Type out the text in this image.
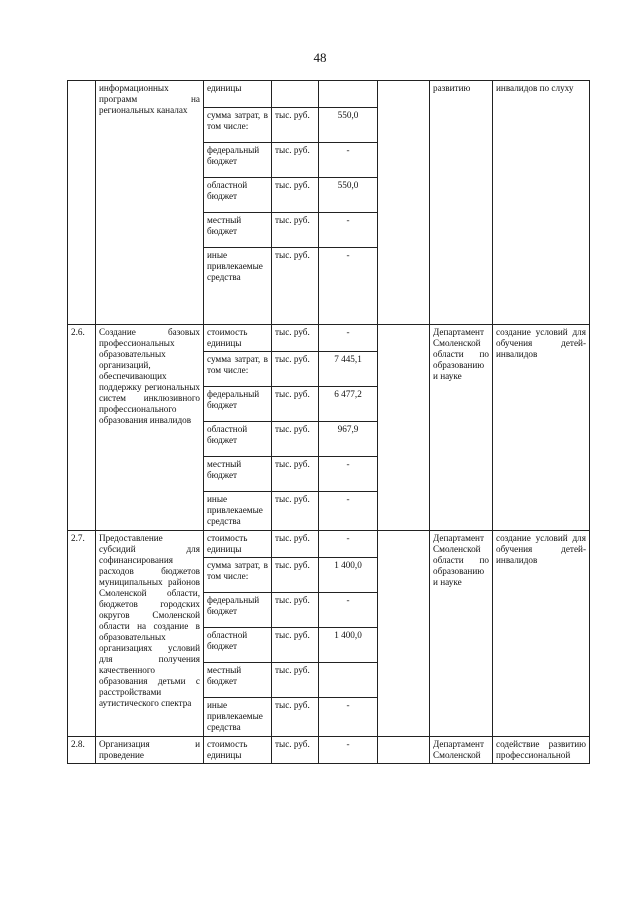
48
	информационных программ на региональных каналах	единицы				развитию	инвалидов по слуху
		сумма затрат, в том числе:	тыс. руб.	550,0			
		федеральный бюджет	тыс. руб.	-			
		областной бюджет	тыс. руб.	550,0			
		местный бюджет	тыс. руб.	-			
		иные привлекаемые средства	тыс. руб.	-			
2.6.	Создание базовых профессиональных образовательных организаций, обеспечивающих поддержку региональных систем инклюзивного профессионального образования инвалидов	стоимость единицы	тыс. руб.	-		Департамент Смоленской области по образованию и науке	создание условий для обучения детей-инвалидов
		сумма затрат, в том числе:	тыс. руб.	7 445,1			
		федеральный бюджет	тыс. руб.	6 477,2			
		областной бюджет	тыс. руб.	967,9			
		местный бюджет	тыс. руб.	-			
		иные привлекаемые средства	тыс. руб.	-			
2.7.	Предоставление субсидий для софинансирования расходов бюджетов муниципальных районов Смоленской области, бюджетов городских округов Смоленской области на создание в образовательных организациях условий для получения качественного образования детьми с расстройствами аутистического спектра	стоимость единицы	тыс. руб.	-		Департамент Смоленской области по образованию и науке	создание условий для обучения детей-инвалидов
		сумма затрат, в том числе:	тыс. руб.	1 400,0			
		федеральный бюджет	тыс. руб.	-			
		областной бюджет	тыс. руб.	1 400,0			
		местный бюджет	тыс. руб.				
		иные привлекаемые средства	тыс. руб.	-			
2.8.	Организация и проведение	стоимость единицы	тыс. руб.	-		Департамент Смоленской	содействие развитию профессиональной
